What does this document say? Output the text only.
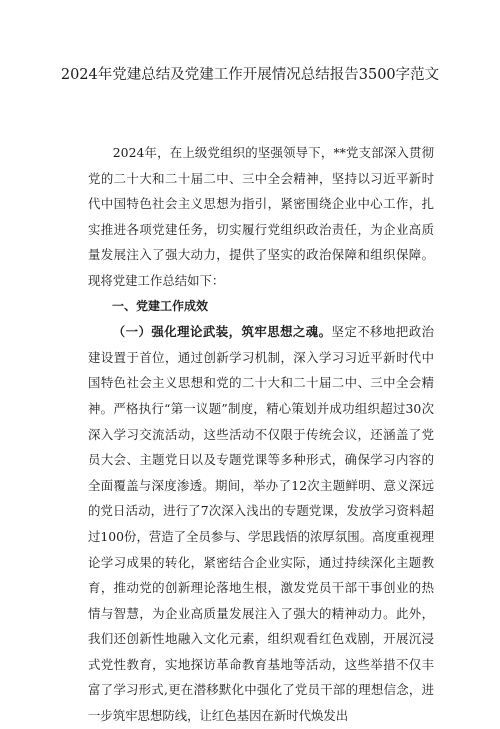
2024年党建总结及党建工作开展情况总结报告3500字范文

2024年，在上级党组织的坚强领导下，**党支部深入贯彻党的二十大和二十届二中、三中全会精神，坚持以习近平新时代中国特色社会主义思想为指引，紧密围绕企业中心工作，扎实推进各项党建任务，切实履行党组织政治责任，为企业高质量发展注入了强大动力，提供了坚实的政治保障和组织保障。现将党建工作总结如下：

一、党建工作成效

（一）强化理论武装，筑牢思想之魂。坚定不移地把政治建设置于首位，通过创新学习机制，深入学习习近平新时代中国特色社会主义思想和党的二十大和二十届二中、三中全会精神。严格执行“第一议题”制度，精心策划并成功组织超过30次深入学习交流活动，这些活动不仅限于传统会议，还涵盖了党员大会、主题党日以及专题党课等多种形式，确保学习内容的全面覆盖与深度渗透。期间，举办了12次主题鲜明、意义深远的党日活动，进行了7次深入浅出的专题党课，发放学习资料超过100份，营造了全员参与、学思践悟的浓厚氛围。高度重视理论学习成果的转化，紧密结合企业实际，通过持续深化主题教育，推动党的创新理论落地生根，激发党员干部干事创业的热情与智慧，为企业高质量发展注入了强大的精神动力。此外，我们还创新性地融入文化元素，组织观看红色戏剧，开展沉浸式党性教育，实地探访革命教育基地等活动，这些举措不仅丰富了学习形式,更在潜移默化中强化了党员干部的理想信念，进一步筑牢思想防线，让红色基因在新时代焕发出
